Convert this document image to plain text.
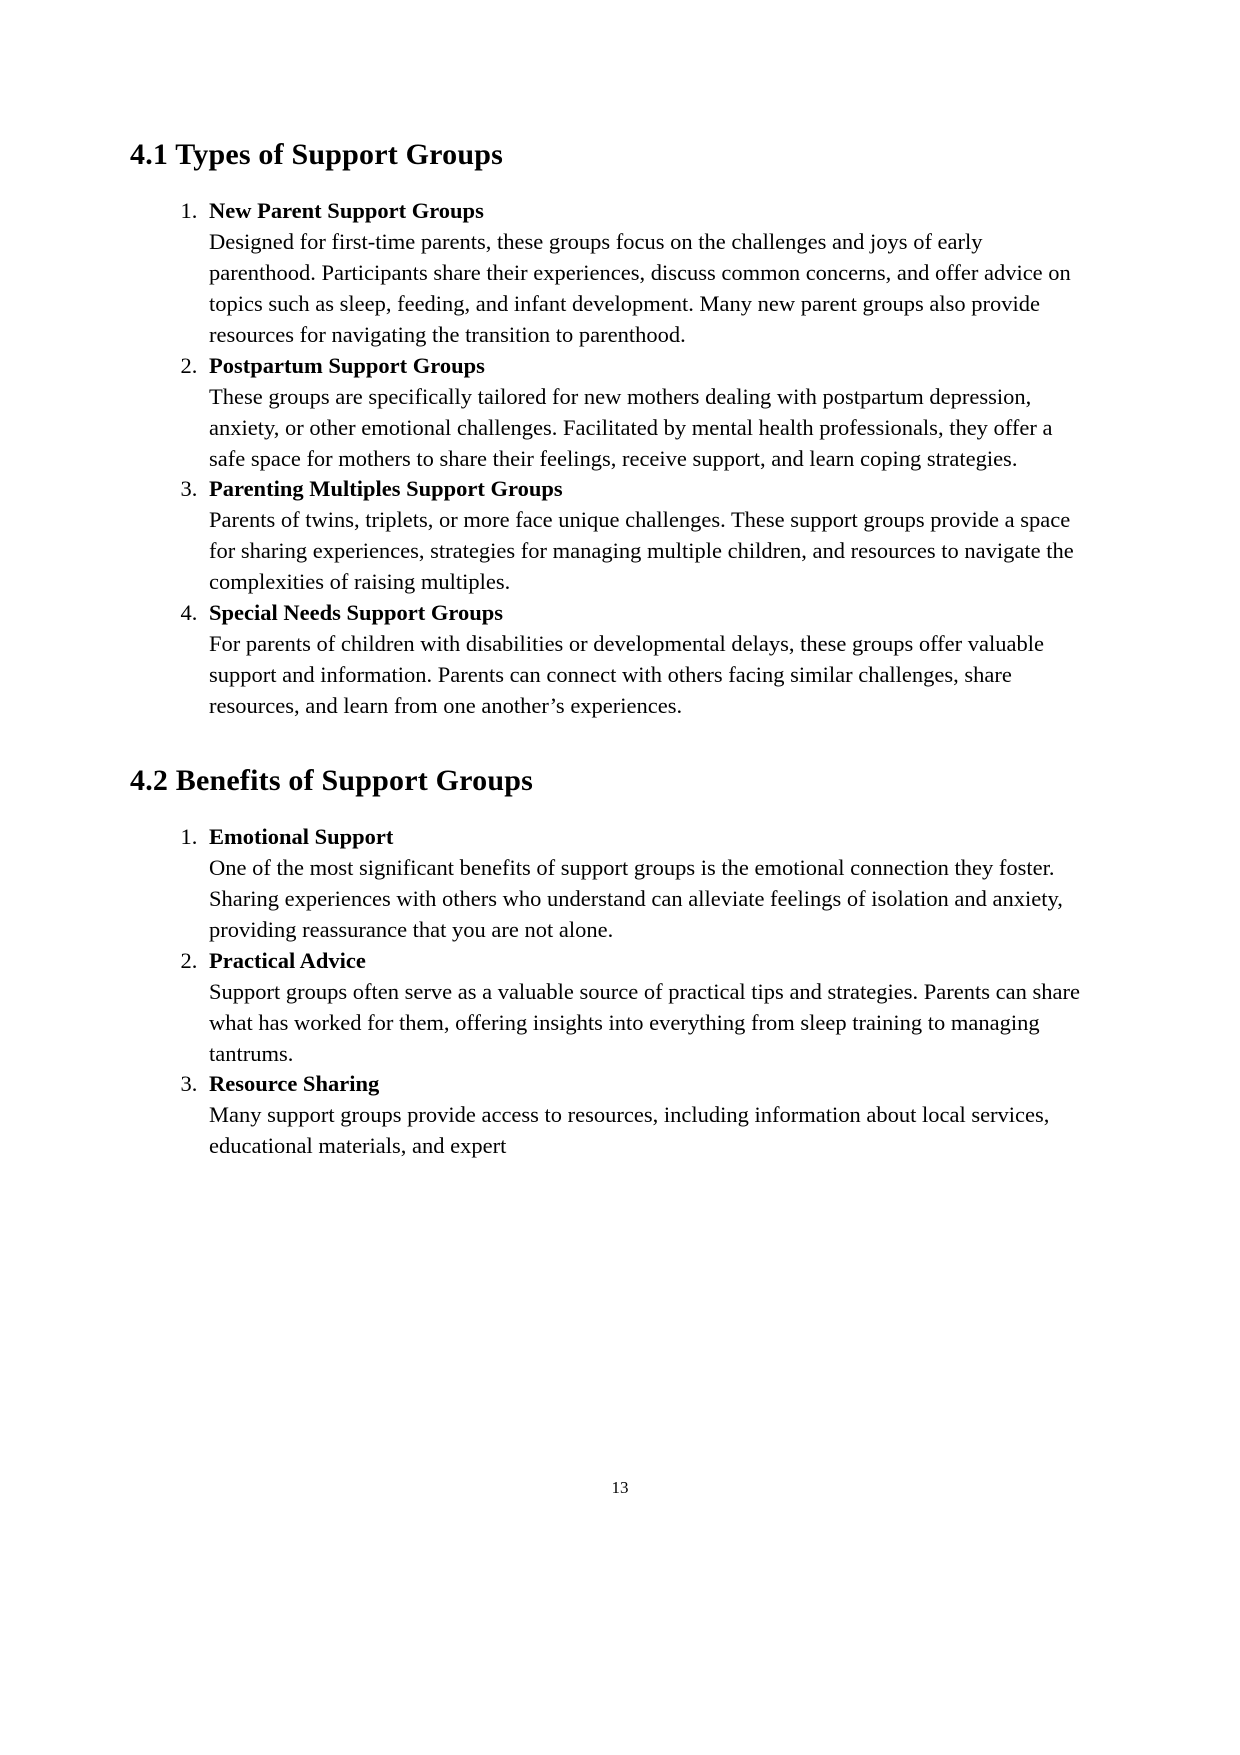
4.1 Types of Support Groups
1. New Parent Support Groups
Designed for first-time parents, these groups focus on the challenges and joys of early parenthood. Participants share their experiences, discuss common concerns, and offer advice on topics such as sleep, feeding, and infant development. Many new parent groups also provide resources for navigating the transition to parenthood.
2. Postpartum Support Groups
These groups are specifically tailored for new mothers dealing with postpartum depression, anxiety, or other emotional challenges. Facilitated by mental health professionals, they offer a safe space for mothers to share their feelings, receive support, and learn coping strategies.
3. Parenting Multiples Support Groups
Parents of twins, triplets, or more face unique challenges. These support groups provide a space for sharing experiences, strategies for managing multiple children, and resources to navigate the complexities of raising multiples.
4. Special Needs Support Groups
For parents of children with disabilities or developmental delays, these groups offer valuable support and information. Parents can connect with others facing similar challenges, share resources, and learn from one another’s experiences.
4.2 Benefits of Support Groups
1. Emotional Support
One of the most significant benefits of support groups is the emotional connection they foster. Sharing experiences with others who understand can alleviate feelings of isolation and anxiety, providing reassurance that you are not alone.
2. Practical Advice
Support groups often serve as a valuable source of practical tips and strategies. Parents can share what has worked for them, offering insights into everything from sleep training to managing tantrums.
3. Resource Sharing
Many support groups provide access to resources, including information about local services, educational materials, and expert
13
